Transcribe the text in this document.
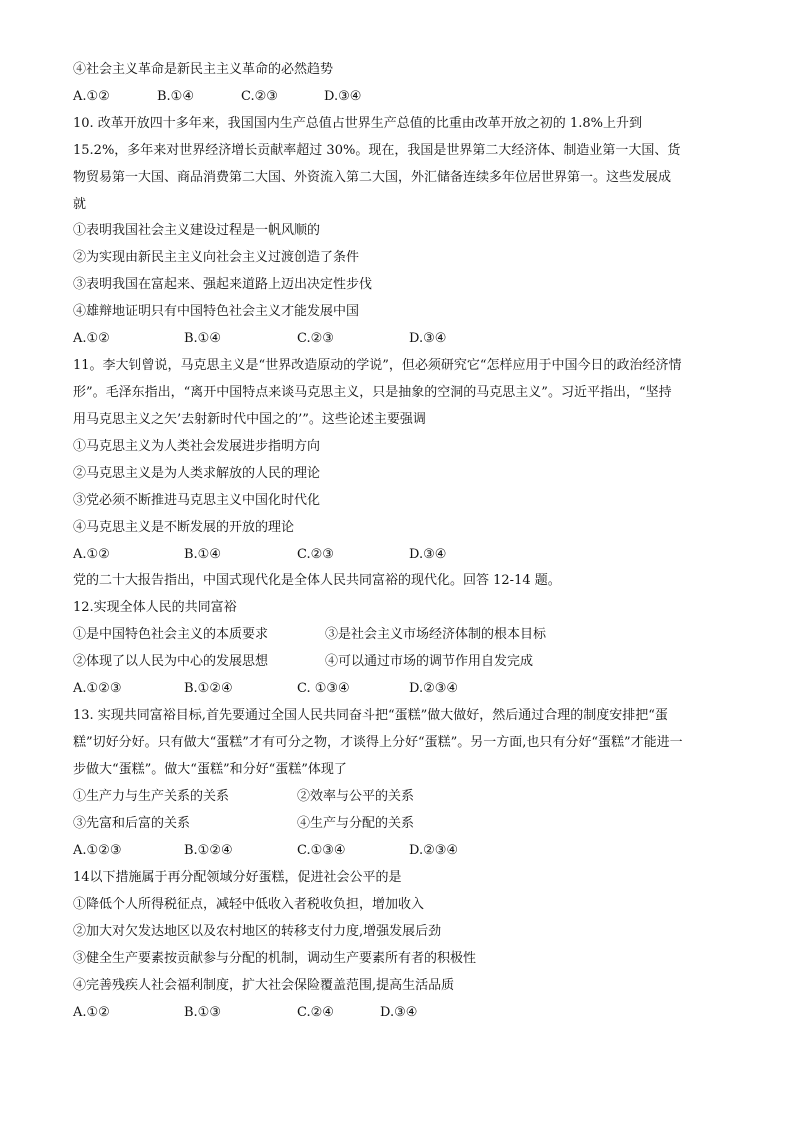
④社会主义革命是新民主主义革命的必然趋势
A.①②	B.①④	C.②③	D.③④
10. 改革开放四十多年来，我国国内生产总值占世界生产总值的比重由改革开放之初的 1.8%上升到
15.2%，多年来对世界经济增长贡献率超过 30%。现在，我国是世界第二大经济体、制造业第一大国、货
物贸易第一大国、商品消费第二大国、外资流入第二大国，外汇储备连续多年位居世界第一。这些发展成
就
①表明我国社会主义建设过程是一帆风顺的
②为实现由新民主主义向社会主义过渡创造了条件
③表明我国在富起来、强起来道路上迈出决定性步伐
④雄辩地证明只有中国特色社会主义才能发展中国
A.①②	B.①④	C.②③	D.③④
11。李大钊曾说，马克思主义是“世界改造原动的学说”，但必须研究它“怎样应用于中国今日的政治经济情
形”。毛泽东指出，“离开中国特点来谈马克思主义，只是抽象的空洞的马克思主义”。习近平指出，“坚持
用马克思主义之矢’去射新时代中国之的’”。这些论述主要强调
①马克思主义为人类社会发展进步指明方向
②马克思主义是为人类求解放的人民的理论
③党必须不断推进马克思主义中国化时代化
④马克思主义是不断发展的开放的理论
A.①②	B.①④	C.②③	D.③④
党的二十大报告指出，中国式现代化是全体人民共同富裕的现代化。回答 12-14 题。
12.实现全体人民的共同富裕
①是中国特色社会主义的本质要求	③是社会主义市场经济体制的根本目标
②体现了以人民为中心的发展思想	④可以通过市场的调节作用自发完成
A.①②③	B.①②④	C. ①③④	D.②③④
13. 实现共同富裕目标,首先要通过全国人民共同奋斗把“蛋糕”做大做好，然后通过合理的制度安排把“蛋
糕”切好分好。只有做大“蛋糕”才有可分之物，才谈得上分好“蛋糕”。另一方面,也只有分好“蛋糕”才能进一
步做大“蛋糕”。做大“蛋糕”和分好“蛋糕”体现了
①生产力与生产关系的关系	②效率与公平的关系
③先富和后富的关系	④生产与分配的关系
A.①②③	B.①②④	C.①③④	D.②③④
14以下措施属于再分配领域分好蛋糕，促进社会公平的是
①降低个人所得税征点，减轻中低收入者税收负担，增加收入
②加大对欠发达地区以及农村地区的转移支付力度,增强发展后劲
③健全生产要素按贡献参与分配的机制，调动生产要素所有者的积极性
④完善残疾人社会福利制度，扩大社会保险覆盖范围,提高生活品质
A.①②	B.①③	C.②④	D.③④
